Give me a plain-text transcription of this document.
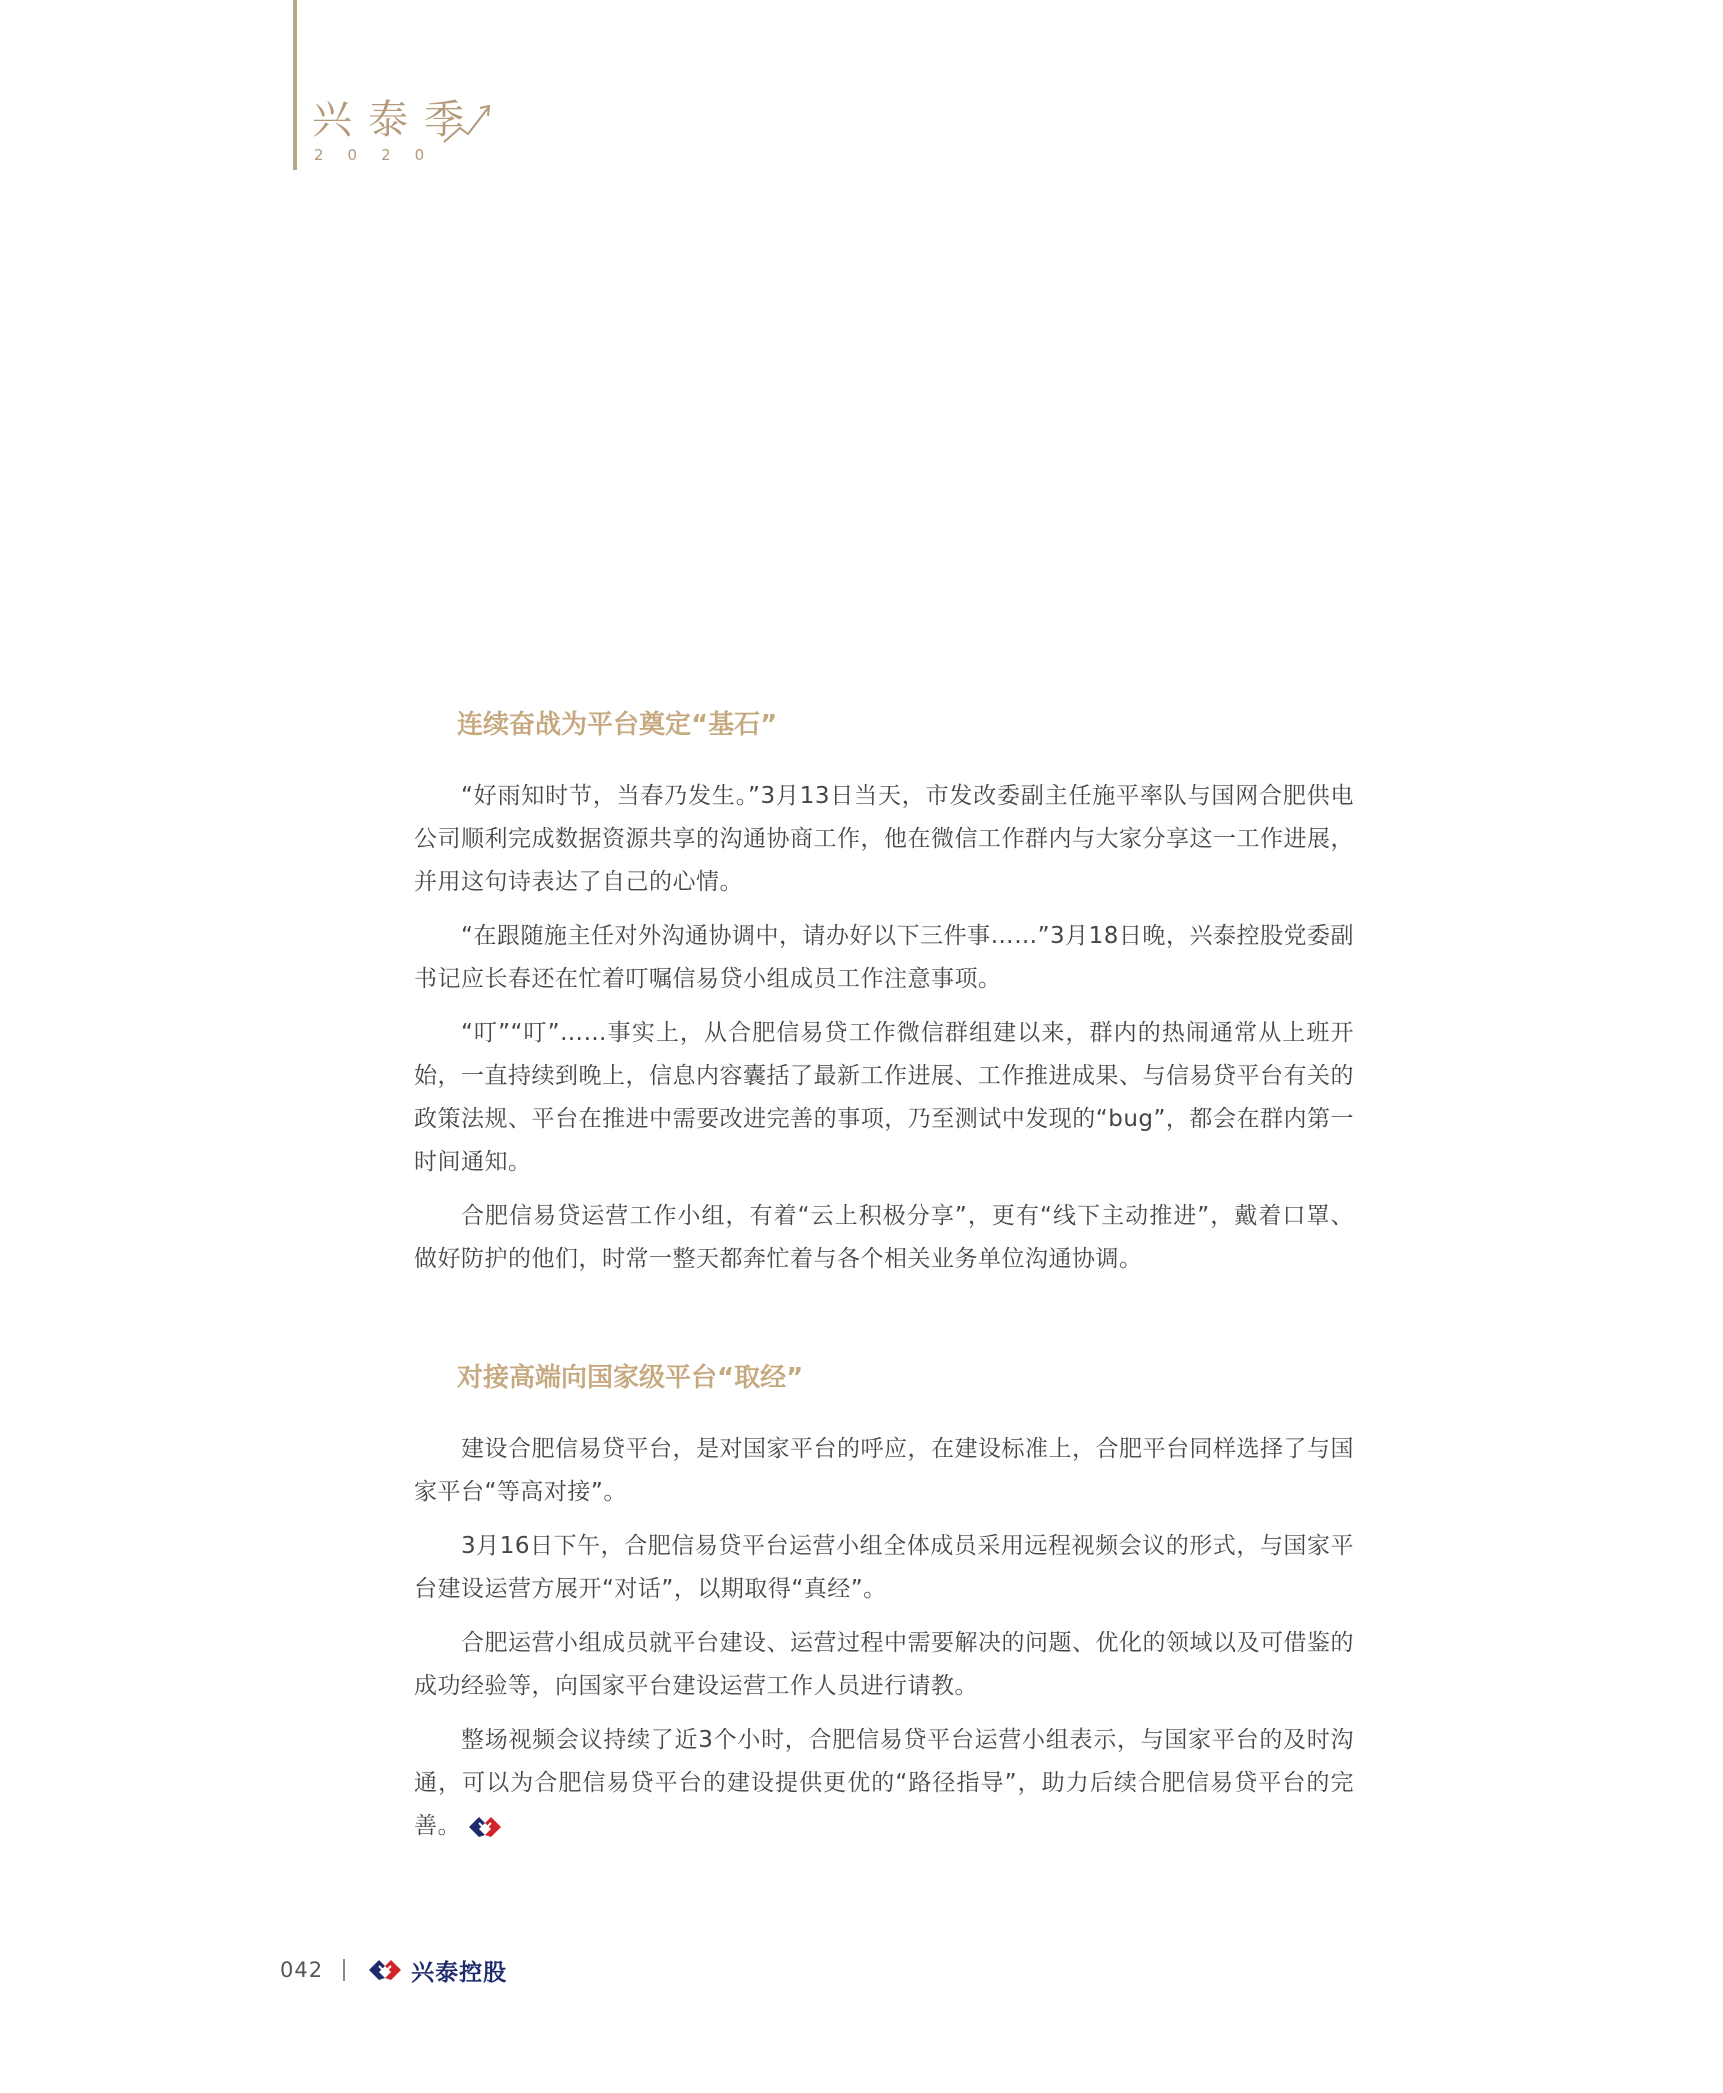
兴泰季
2020
连续奋战为平台奠定“基石”

“好雨知时节，当春乃发生。”3月13日当天，市发改委副主任施平率队与国网合肥供电公司顺利完成数据资源共享的沟通协商工作，他在微信工作群内与大家分享这一工作进展，并用这句诗表达了自己的心情。

“在跟随施主任对外沟通协调中，请办好以下三件事……”3月18日晚，兴泰控股党委副书记应长春还在忙着叮嘱信易贷小组成员工作注意事项。

“叮”“叮”……事实上，从合肥信易贷工作微信群组建以来，群内的热闹通常从上班开始，一直持续到晚上，信息内容囊括了最新工作进展、工作推进成果、与信易贷平台有关的政策法规、平台在推进中需要改进完善的事项，乃至测试中发现的“bug”，都会在群内第一时间通知。

合肥信易贷运营工作小组，有着“云上积极分享”，更有“线下主动推进”，戴着口罩、做好防护的他们，时常一整天都奔忙着与各个相关业务单位沟通协调。

对接高端向国家级平台“取经”

建设合肥信易贷平台，是对国家平台的呼应，在建设标准上，合肥平台同样选择了与国家平台“等高对接”。

3月16日下午，合肥信易贷平台运营小组全体成员采用远程视频会议的形式，与国家平台建设运营方展开“对话”，以期取得“真经”。

合肥运营小组成员就平台建设、运营过程中需要解决的问题、优化的领域以及可借鉴的成功经验等，向国家平台建设运营工作人员进行请教。

整场视频会议持续了近3个小时，合肥信易贷平台运营小组表示，与国家平台的及时沟通，可以为合肥信易贷平台的建设提供更优的“路径指导”，助力后续合肥信易贷平台的完善。

042	兴泰控股
